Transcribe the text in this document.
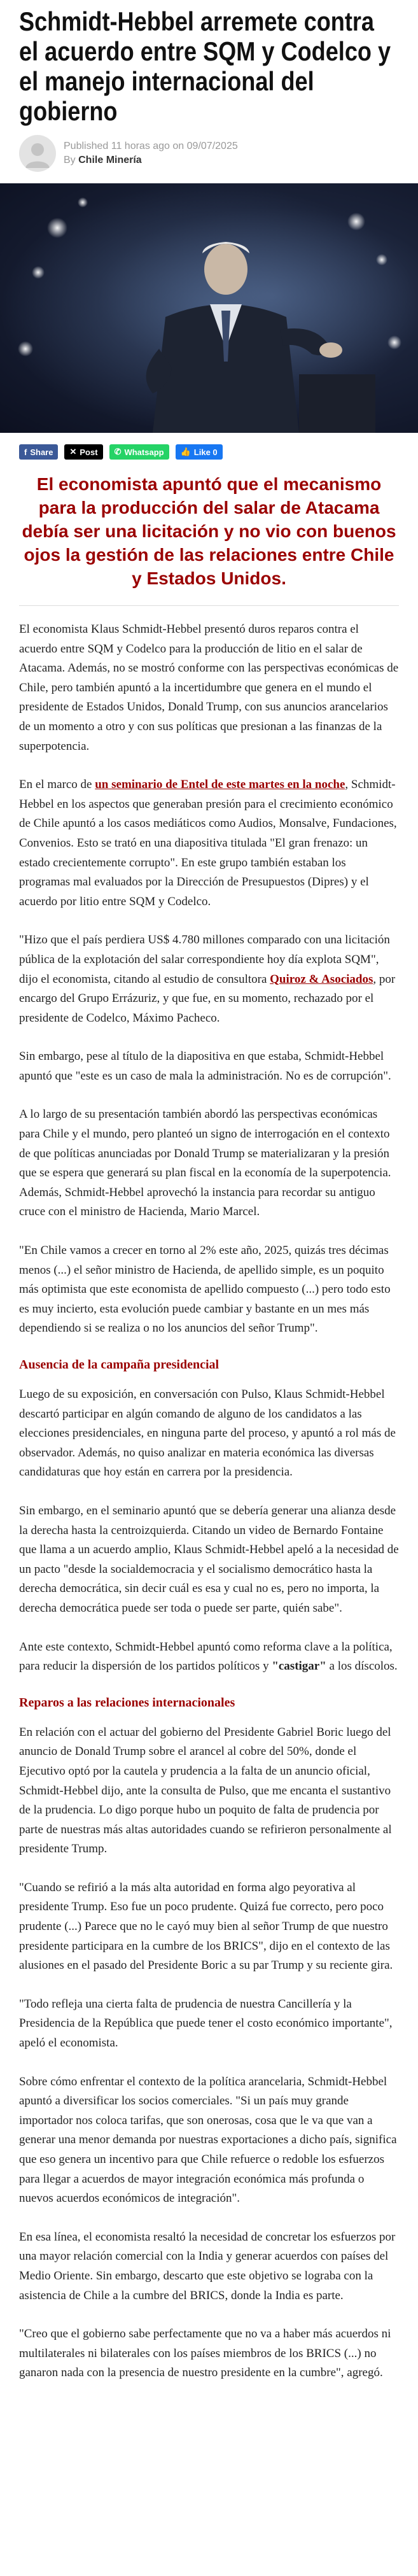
Schmidt-Hebbel arremete contra el acuerdo entre SQM y Codelco y el manejo internacional del gobierno
Published 11 horas ago on 09/07/2025
By Chile Minería
f Share ✕ Post ✆ Whatsapp 👍 Like 0

El economista apuntó que el mecanismo para la producción del salar de Atacama debía ser una licitación y no vio con buenos ojos la gestión de las relaciones entre Chile y Estados Unidos.

El economista Klaus Schmidt-Hebbel presentó duros reparos contra el acuerdo entre SQM y Codelco para la producción de litio en el salar de Atacama. Además, no se mostró conforme con las perspectivas económicas de Chile, pero también apuntó a la incertidumbre que genera en el mundo el presidente de Estados Unidos, Donald Trump, con sus anuncios arancelarios de un momento a otro y con sus políticas que presionan a las finanzas de la superpotencia.

En el marco de un seminario de Entel de este martes en la noche, Schmidt-Hebbel en los aspectos que generaban presión para el crecimiento económico de Chile apuntó a los casos mediáticos como Audios, Monsalve, Fundaciones, Convenios. Esto se trató en una diapositiva titulada "El gran frenazo: un estado crecientemente corrupto". En este grupo también estaban los programas mal evaluados por la Dirección de Presupuestos (Dipres) y el acuerdo por litio entre SQM y Codelco.

"Hizo que el país perdiera US$ 4.780 millones comparado con una licitación pública de la explotación del salar correspondiente hoy día explota SQM", dijo el economista, citando al estudio de consultora Quiroz & Asociados, por encargo del Grupo Errázuriz, y que fue, en su momento, rechazado por el presidente de Codelco, Máximo Pacheco.

Sin embargo, pese al título de la diapositiva en que estaba, Schmidt-Hebbel apuntó que "este es un caso de mala la administración. No es de corrupción".

A lo largo de su presentación también abordó las perspectivas económicas para Chile y el mundo, pero planteó un signo de interrogación en el contexto de que políticas anunciadas por Donald Trump se materializaran y la presión que se espera que generará su plan fiscal en la economía de la superpotencia. Además, Schmidt-Hebbel aprovechó la instancia para recordar su antiguo cruce con el ministro de Hacienda, Mario Marcel.

"En Chile vamos a crecer en torno al 2% este año, 2025, quizás tres décimas menos (...) el señor ministro de Hacienda, de apellido simple, es un poquito más optimista que este economista de apellido compuesto (...) pero todo esto es muy incierto, esta evolución puede cambiar y bastante en un mes más dependiendo si se realiza o no los anuncios del señor Trump".

Ausencia de la campaña presidencial

Luego de su exposición, en conversación con Pulso, Klaus Schmidt-Hebbel descartó participar en algún comando de alguno de los candidatos a las elecciones presidenciales, en ninguna parte del proceso, y apuntó a rol más de observador. Además, no quiso analizar en materia económica las diversas candidaturas que hoy están en carrera por la presidencia.

Sin embargo, en el seminario apuntó que se debería generar una alianza desde la derecha hasta la centroizquierda. Citando un video de Bernardo Fontaine que llama a un acuerdo amplio, Klaus Schmidt-Hebbel apeló a la necesidad de un pacto "desde la socialdemocracia y el socialismo democrático hasta la derecha democrática, sin decir cuál es esa y cual no es, pero no importa, la derecha democrática puede ser toda o puede ser parte, quién sabe".

Ante este contexto, Schmidt-Hebbel apuntó como reforma clave a la política, para reducir la dispersión de los partidos políticos y "castigar" a los díscolos.

Reparos a las relaciones internacionales

En relación con el actuar del gobierno del Presidente Gabriel Boric luego del anuncio de Donald Trump sobre el arancel al cobre del 50%, donde el Ejecutivo optó por la cautela y prudencia a la falta de un anuncio oficial, Schmidt-Hebbel dijo, ante la consulta de Pulso, que me encanta el sustantivo de la prudencia. Lo digo porque hubo un poquito de falta de prudencia por parte de nuestras más altas autoridades cuando se refirieron personalmente al presidente Trump.

"Cuando se refirió a la más alta autoridad en forma algo peyorativa al presidente Trump. Eso fue un poco prudente. Quizá fue correcto, pero poco prudente (...) Parece que no le cayó muy bien al señor Trump de que nuestro presidente participara en la cumbre de los BRICS", dijo en el contexto de las alusiones en el pasado del Presidente Boric a su par Trump y su reciente gira.

"Todo refleja una cierta falta de prudencia de nuestra Cancillería y la Presidencia de la República que puede tener el costo económico importante", apeló el economista.

Sobre cómo enfrentar el contexto de la política arancelaria, Schmidt-Hebbel apuntó a diversificar los socios comerciales. "Si un país muy grande importador nos coloca tarifas, que son onerosas, cosa que le va que van a generar una menor demanda por nuestras exportaciones a dicho país, significa que eso genera un incentivo para que Chile refuerce o redoble los esfuerzos para llegar a acuerdos de mayor integración económica más profunda o nuevos acuerdos económicos de integración".

En esa línea, el economista resaltó la necesidad de concretar los esfuerzos por una mayor relación comercial con la India y generar acuerdos con países del Medio Oriente. Sin embargo, descarto que este objetivo se lograba con la asistencia de Chile a la cumbre del BRICS, donde la India es parte.

"Creo que el gobierno sabe perfectamente que no va a haber más acuerdos ni multilaterales ni bilaterales con los países miembros de los BRICS (...) no ganaron nada con la presencia de nuestro presidente en la cumbre", agregó.
